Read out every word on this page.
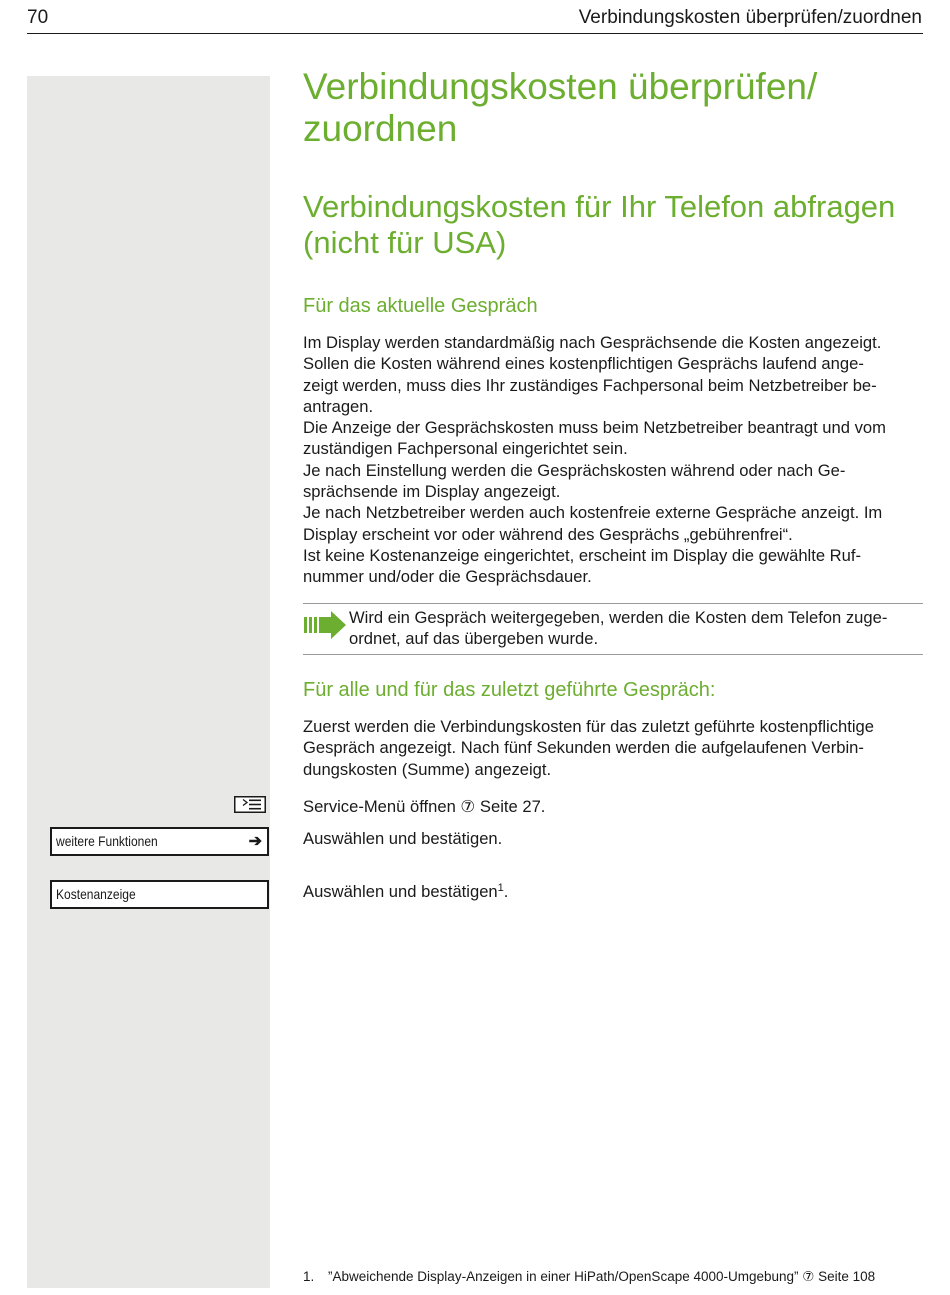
70	Verbindungskosten überprüfen/zuordnen
Verbindungskosten überprüfen/
zuordnen
Verbindungskosten für Ihr Telefon abfragen
(nicht für USA)
Für das aktuelle Gespräch

Im Display werden standardmäßig nach Gesprächsende die Kosten angezeigt.

Sollen die Kosten während eines kostenpflichtigen Gesprächs laufend ange-

zeigt werden, muss dies Ihr zuständiges Fachpersonal beim Netzbetreiber be-

antragen.

Die Anzeige der Gesprächskosten muss beim Netzbetreiber beantragt und vom

zuständigen Fachpersonal eingerichtet sein.

Je nach Einstellung werden die Gesprächskosten während oder nach Ge-

sprächsende im Display angezeigt.

Je nach Netzbetreiber werden auch kostenfreie externe Gespräche anzeigt. Im

Display erscheint vor oder während des Gesprächs „gebührenfrei“.

Ist keine Kostenanzeige eingerichtet, erscheint im Display die gewählte Ruf-

nummer und/oder die Gesprächsdauer.

Wird ein Gespräch weitergegeben, werden die Kosten dem Telefon zuge-
ordnet, auf das übergeben wurde.
Für alle und für das zuletzt geführte Gespräch:

Zuerst werden die Verbindungskosten für das zuletzt geführte kostenpflichtige

Gespräch angezeigt. Nach fünf Sekunden werden die aufgelaufenen Verbin-

dungskosten (Summe) angezeigt.

Service-Menü öffnen ⑦ Seite 27.
weitere Funktionen	➔ Auswählen und bestätigen.
Kostenanzeige	Auswählen und bestätigen$^1$.
1. ”Abweichende Display-Anzeigen in einer HiPath/OpenScape 4000-Umgebung” ⑦ Seite 108
